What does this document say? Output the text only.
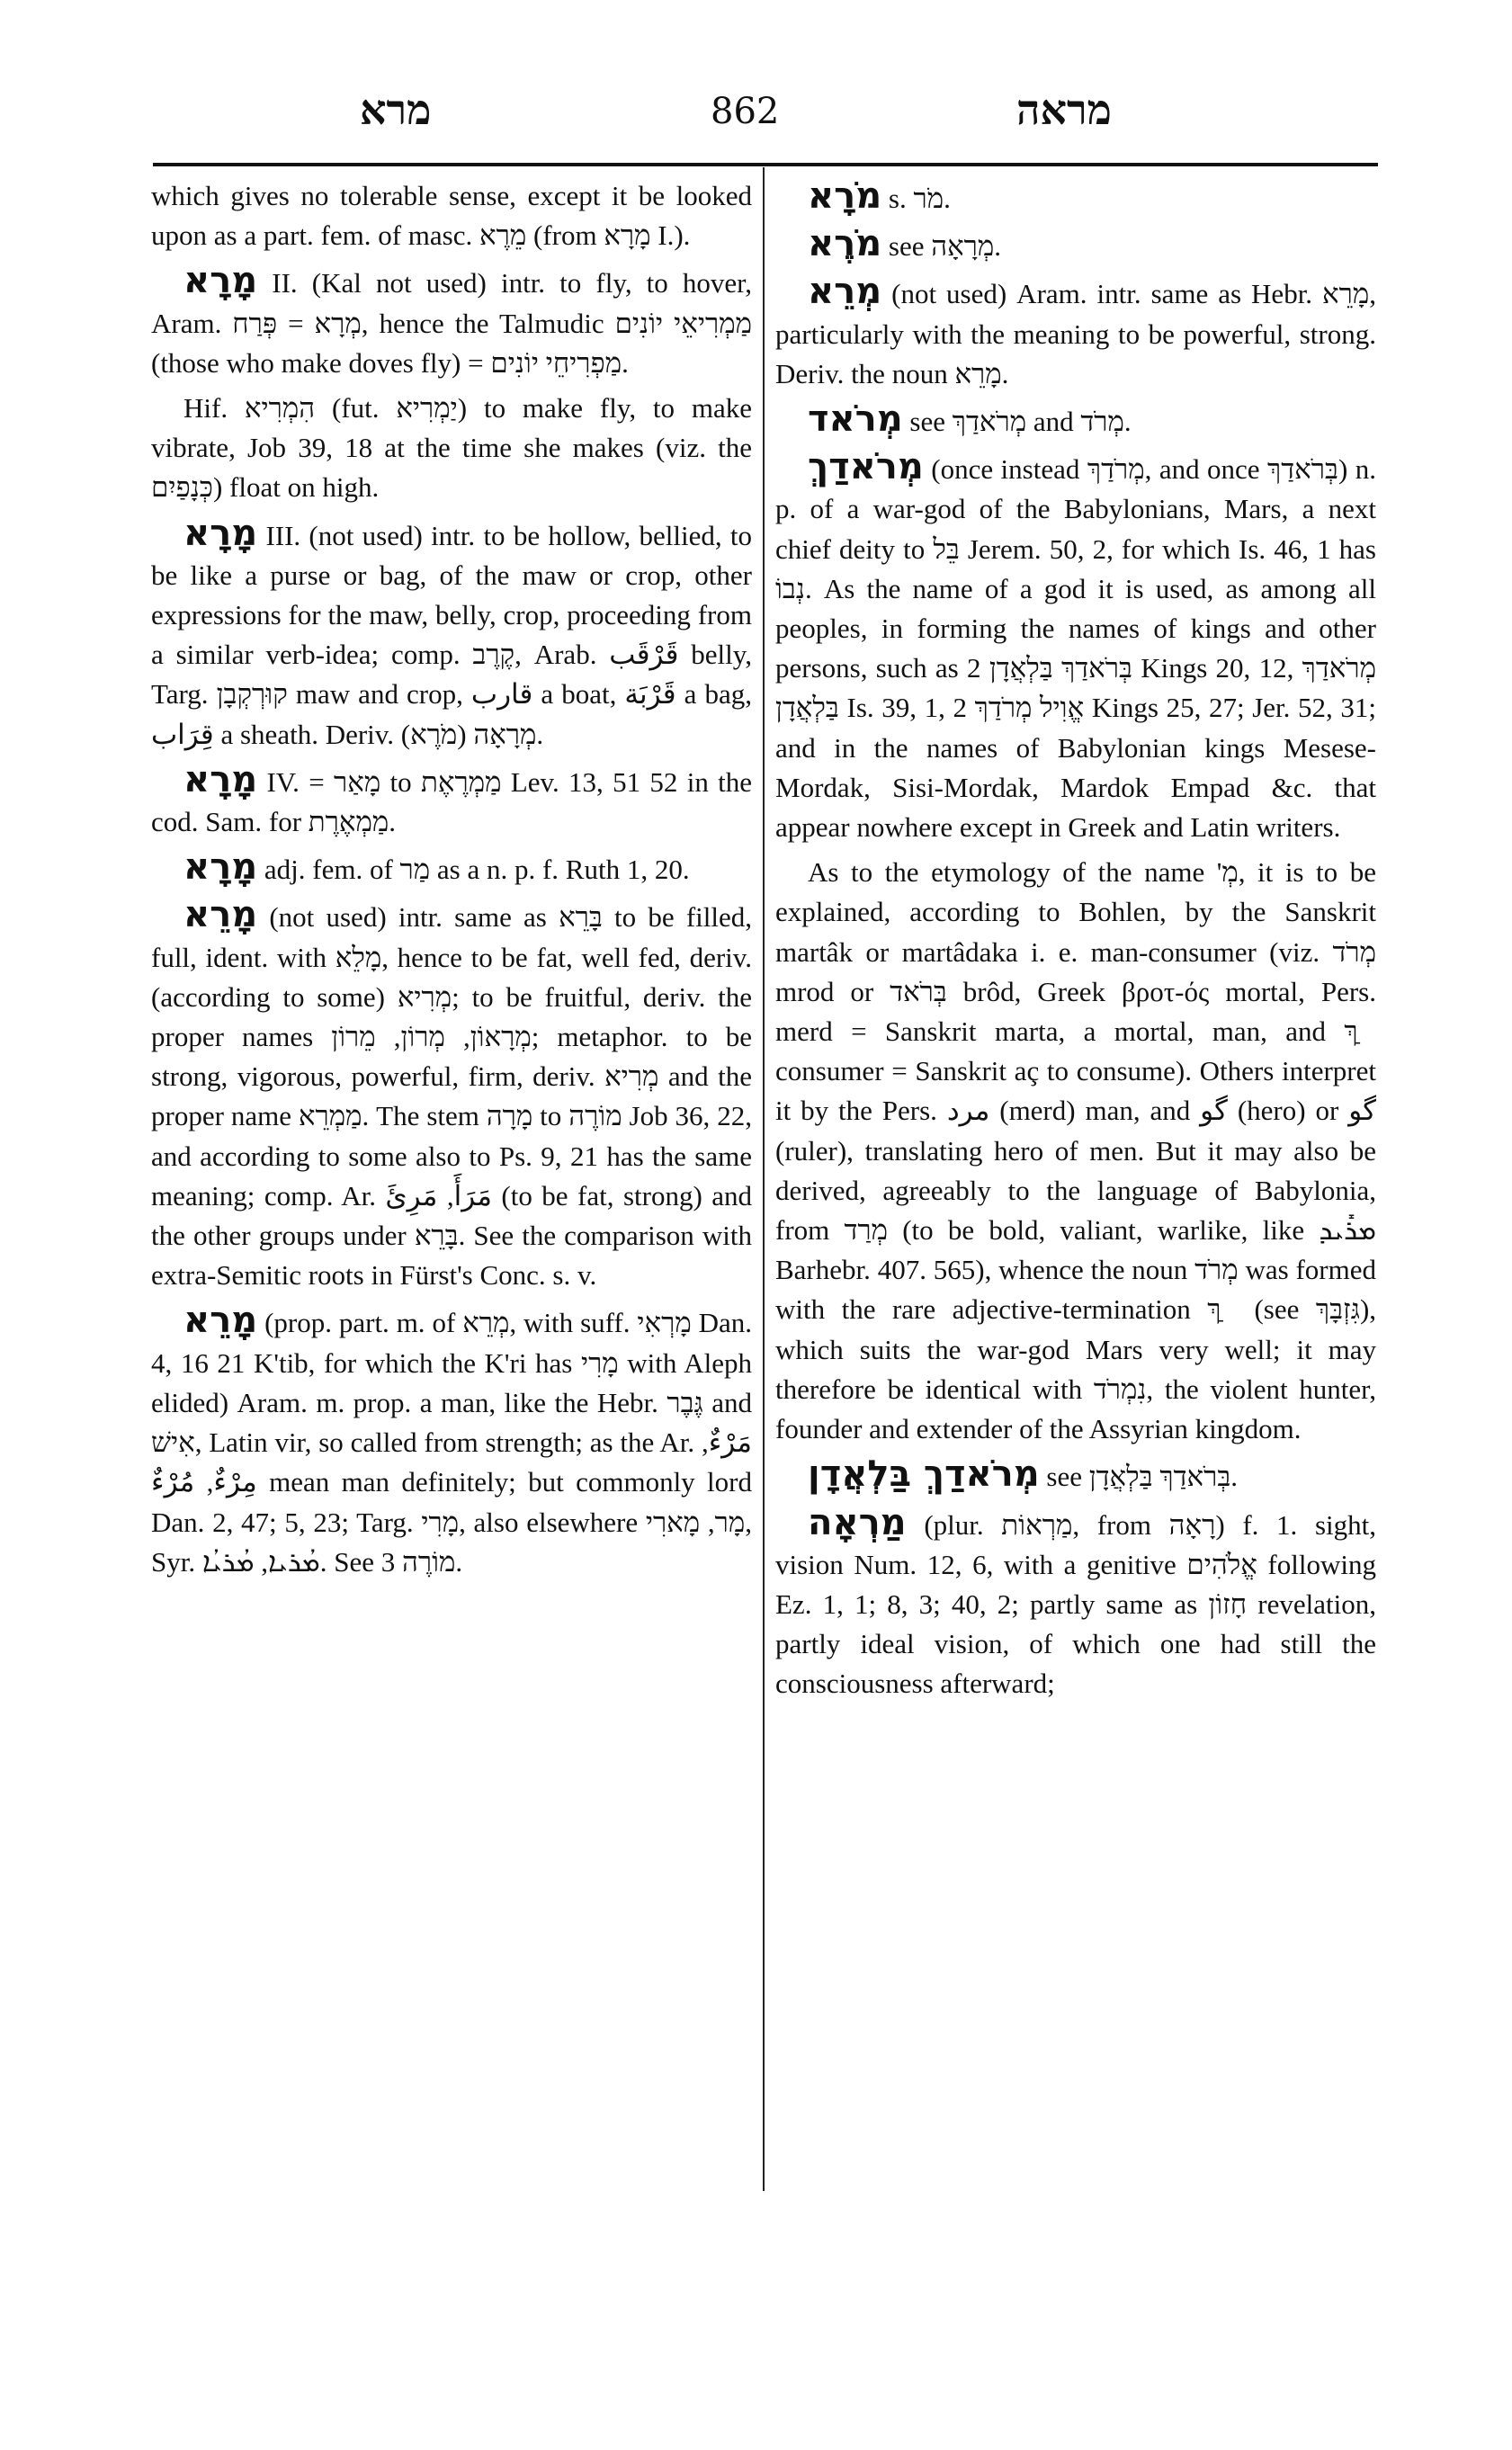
מרא	862	מראה

which gives no tolerable sense, except it be looked upon as a part. fem. of masc. מֵרֶא (from מָרָא I.).

מָרָא II. (Kal not used) intr. to fly, to hover, Aram. מְרָא = פְּרַח, hence the Talmudic מַמְרִיאֵי יוֹנִים (those who make doves fly) = מַפְרִיחֵי יוֹנִים.

Hif. הִמְרִיא (fut. יַמְרִיא) to make fly, to make vibrate, Job 39, 18 at the time she makes (viz. the כְּנָפַיִם) float on high.

מָרָא III. (not used) intr. to be hollow, bellied, to be like a purse or bag, of the maw or crop, other expressions for the maw, belly, crop, proceeding from a similar verb-idea; comp. קֶרֶב, Arab. قَرْقَب belly, Targ. קוּרְקְבָן maw and crop, قارب a boat, قَرْبَة a bag, قِرَاب a sheath. Deriv. מְרָאָה (מֹרֶא).

מָרָא IV. = מָאַר to מַמְרֶאֶת Lev. 13, 51 52 in the cod. Sam. for מַמְאֶרֶת.

מָרָא adj. fem. of מַר as a n. p. f. Ruth 1, 20.

מָרֵא (not used) intr. same as בָּרֵא to be filled, full, ident. with מָלֵא, hence to be fat, well fed, deriv. (according to some) מְרִיא; to be fruitful, deriv. the proper names מְרָאוֹן, מְרוֹן, מֵרוֹן; metaphor. to be strong, vigorous, powerful, firm, deriv. מְרִיא and the proper name מַמְרֵא. The stem מָרָה to מוֹרֶה Job 36, 22, and according to some also to Ps. 9, 21 has the same meaning; comp. Ar. مَرَأَ, مَرِئَ (to be fat, strong) and the other groups under בָּרֵא. See the comparison with extra-Semitic roots in Fürst's Conc. s. v.

מָרֵא (prop. part. m. of מְרֵא, with suff. מָרְאִי Dan. 4, 16 21 K'tib, for which the K'ri has מָרִי with Aleph elided) Aram. m. prop. a man, like the Hebr. גֶּבֶר and אִישׁ, Latin vir, so called from strength; as the Ar. مَرْءٌ, مِرْءٌ, مُرْءٌ mean man definitely; but commonly lord Dan. 2, 47; 5, 23; Targ. מָרִי, also elsewhere מָר, מָארִי, Syr. ܡܳܪܝܐ, ܡܳܪܝܳܐ. See מוֹרֶה 3.

מֹרָא s. מֹר.

מֹרֶא see מְרָאָה.

מְרֵא (not used) Aram. intr. same as Hebr. מָרֵא, particularly with the meaning to be powerful, strong. Deriv. the noun מָרֵא.

מְרֹאד see מְרֹאדַךְ and מְרֹד.

מְרֹאדַךְ (once instead מְרֹדַךְ, and once בְּרֹאדַךְ) n. p. of a war-god of the Babylonians, Mars, a next chief deity to בֵּל Jerem. 50, 2, for which Is. 46, 1 has נְבוֹ. As the name of a god it is used, as among all peoples, in forming the names of kings and other persons, such as בְּרֹאדַךְ בַּלְאֲדָן 2 Kings 20, 12, מְרֹאדַךְ בַּלְאֲדָן Is. 39, 1, אֱוִיל מְרֹדַךְ 2 Kings 25, 27; Jer. 52, 31; and in the names of Babylonian kings Mesese-Mordak, Sisi-Mordak, Mardok Empad &c. that appear nowhere except in Greek and Latin writers.

As to the etymology of the name 'מְ, it is to be explained, according to Bohlen, by the Sanskrit martâk or martâdaka i. e. man-consumer (viz. מְרֹד mrod or בְּרֹאד brôd, Greek βροτ-ός mortal, Pers. merd = Sanskrit marta, a mortal, man, and ךְ ַ consumer = Sanskrit aç to consume). Others interpret it by the Pers. مرد (merd) man, and گو (hero) or گو (ruler), translating hero of men. But it may also be derived, agreeably to the language of Babylonia, from מְרַד (to be bold, valiant, warlike, like ܡܪܺܝܕ Barhebr. 407. 565), whence the noun מְרֹד was formed with the rare adjective-termination ךְ ַ (see גִּזְבָּךְ), which suits the war-god Mars very well; it may therefore be identical with נִמְרֹד, the violent hunter, founder and extender of the Assyrian kingdom.

מְרֹאדַךְ בַּלְאֲדָן see בְּרֹאדַךְ בַּלְאֲדָן.

מַרְאָה (plur. מַרְאוֹת, from רָאָה) f. 1. sight, vision Num. 12, 6, with a genitive אֱלֹהִים following Ez. 1, 1; 8, 3; 40, 2; partly same as חָזוֹן revelation, partly ideal vision, of which one had still the consciousness afterward;
